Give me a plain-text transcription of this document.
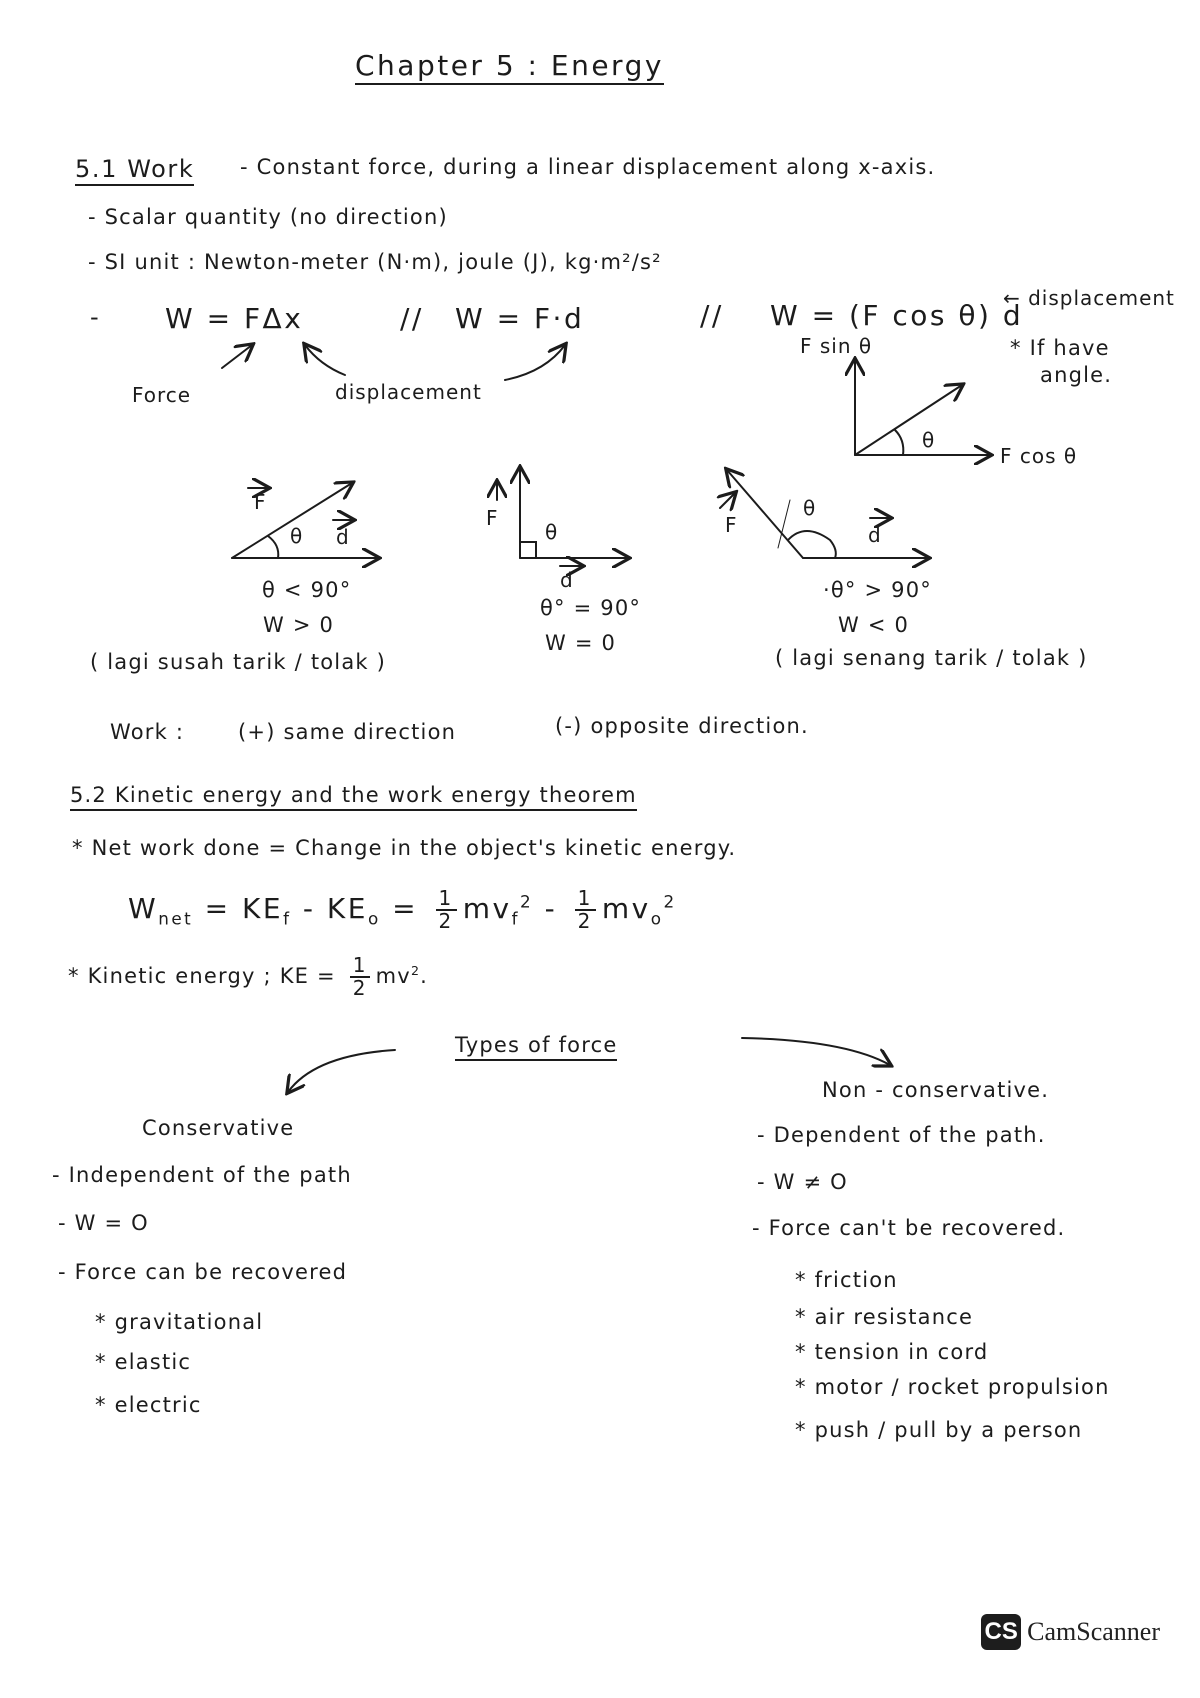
Chapter 5 : Energy
5.1 Work - Constant force, during a linear displacement along x-axis.
- Scalar quantity (no direction)
- SI unit : Newton-meter (N·m), joule (J), kg·m²/s²
- W = FΔx	// W = F·d	// W = (F cos θ) d
← displacement
F sin θ	* If have
angle.
Force	displacement
θ
F cos θ
F
θ d
θ < 90°
W > 0
( lagi susah tarik / tolak )
F
θ
d
θ° = 90°
W = 0
F
θ
d
·θ° > 90°
W < 0
( lagi senang tarik / tolak )
Work :	(+) same direction	(-) opposite direction.
5.2 Kinetic energy and the work energy theorem
* Net work done = Change in the object's kinetic energy.
$W_{net} = KE_f - KE_o = \frac{1}{2} mv_f^2 - \frac{1}{2} mv_o^2$
* Kinetic energy ; KE = $\frac{1}{2} mv^2$.
Types of force
Conservative
- Independent of the path
- W = O
- Force can be recovered
* gravitational
* elastic
* electric
Non - conservative.
- Dependent of the path.
- W ≠ O
- Force can't be recovered.
* friction
* air resistance
* tension in cord
* motor / rocket propulsion
* push / pull by a person
CS CamScanner
